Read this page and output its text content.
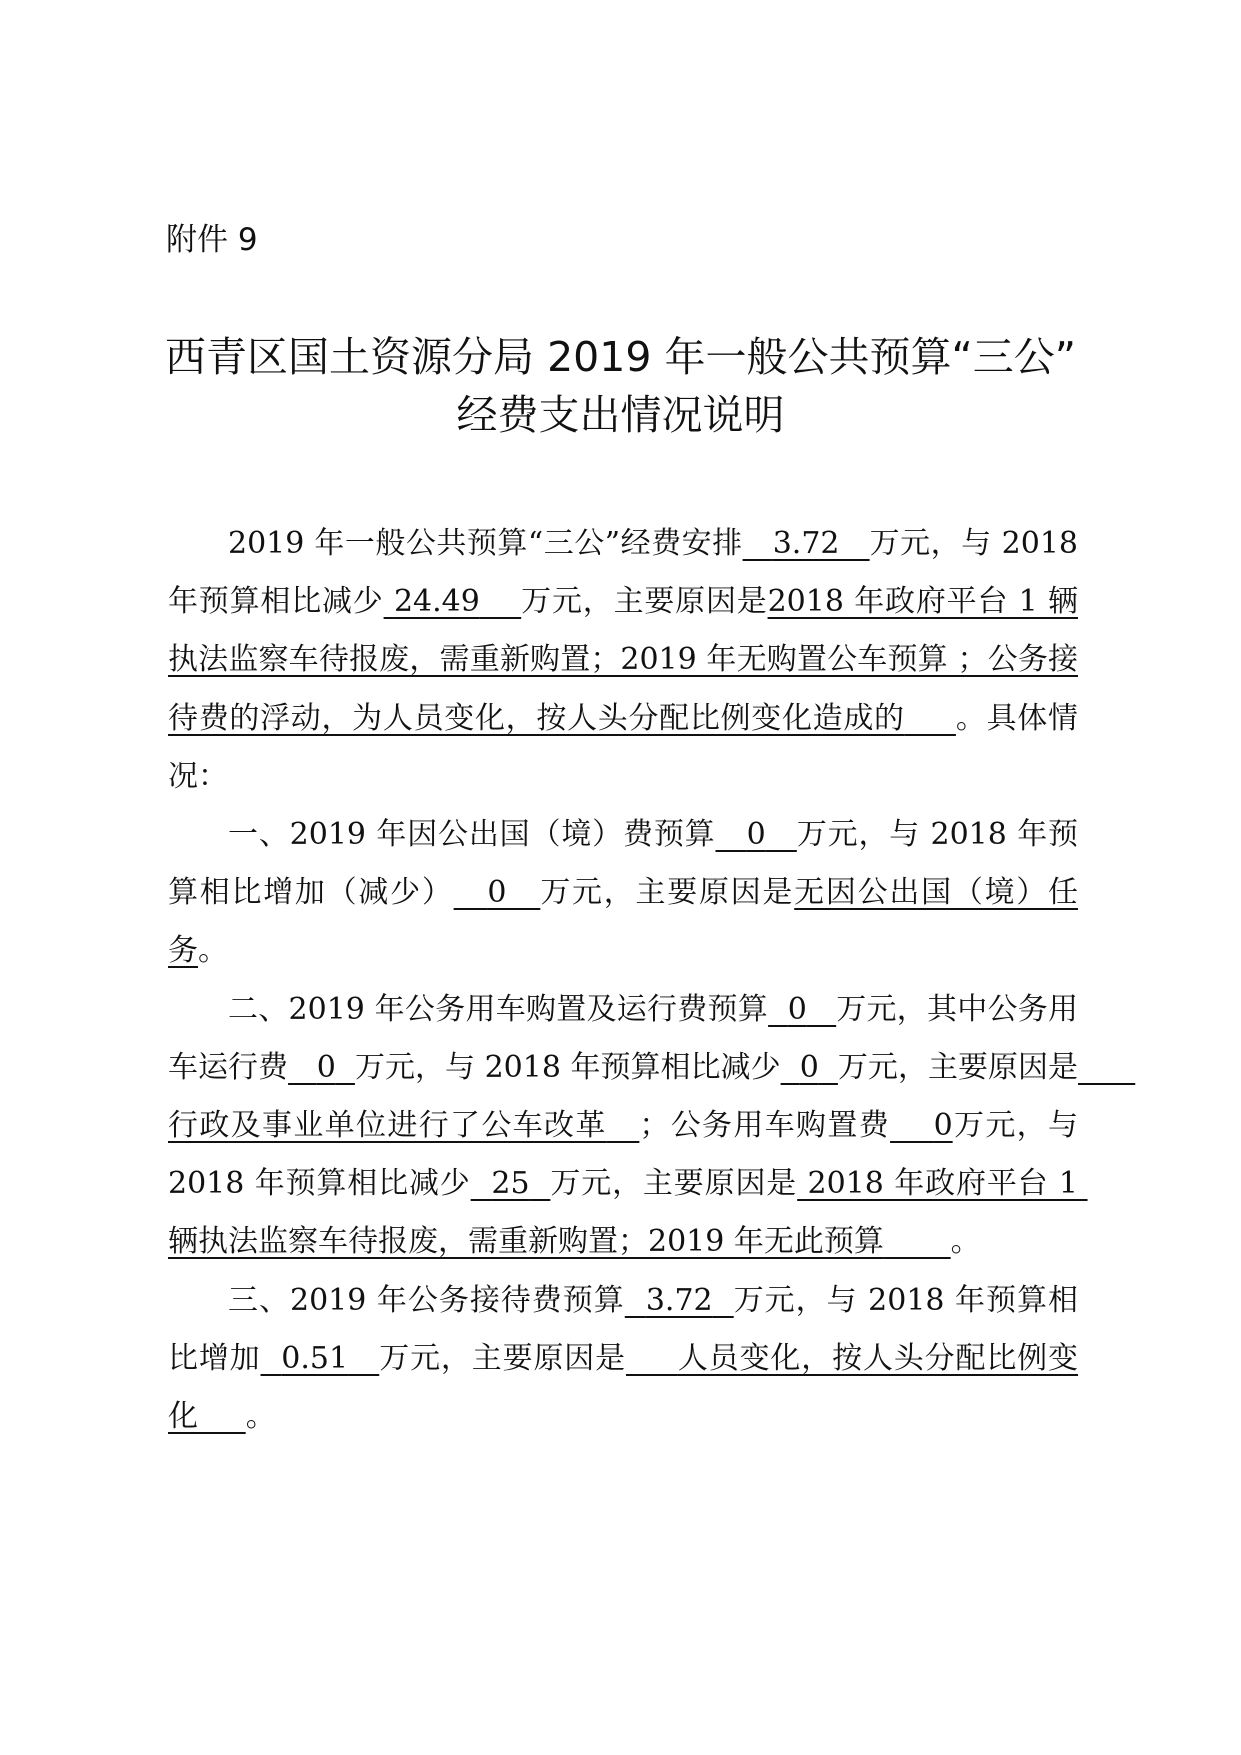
附件 9
西青区国土资源分局 2019 年一般公共预算“三公”
经费支出情况说明

2019 年一般公共预算“三公”经费安排 3.72 万元，与 2018 年预算相比减少 24.49 万元，主要原因是2018 年政府平台 1 辆执法监察车待报废，需重新购置；2019 年无购置公车预算 ；公务接待费的浮动，为人员变化，按人头分配比例变化造成的 。具体情况：

一、2019 年因公出国（境）费预算 0 万元，与 2018 年预算相比增加（减少） 0 万元，主要原因是无因公出国（境）任务。

二、2019 年公务用车购置及运行费预算 0 万元，其中公务用车运行费 0 万元，与 2018 年预算相比减少 0 万元，主要原因是      行政及事业单位进行了公车改革 ；公务用车购置费 0万元，与 2018 年预算相比减少 25 万元，主要原因是 2018 年政府平台 1 辆执法监察车待报废，需重新购置；2019 年无此预算 。

三、2019 年公务接待费预算 3.72 万元，与 2018 年预算相比增加 0.51 万元，主要原因是 人员变化，按人头分配比例变化 。
